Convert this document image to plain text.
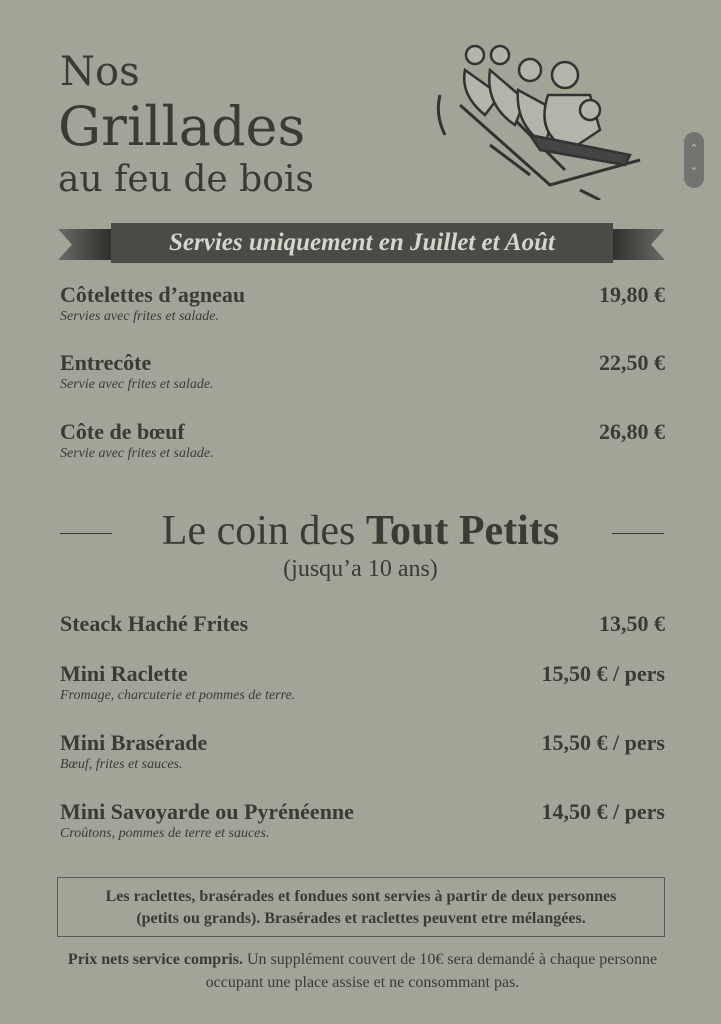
Nos
Grillades
au feu de bois
⌃
⌄
Servies uniquement en Juillet et Août
Côtelettes d’agneau
Servies avec frites et salade.
19,80 €
Entrecôte
Servie avec frites et salade.
22,50 €
Côte de bœuf
Servie avec frites et salade.
26,80 €
Le coin des Tout Petits
(jusqu’a 10 ans)
Steack Haché Frites	13,50 €
Mini Raclette
Fromage, charcuterie et pommes de terre.
15,50 € / pers
Mini Brasérade
Bœuf, frites et sauces.
15,50 € / pers
Mini Savoyarde ou Pyrénéenne
Croûtons, pommes de terre et sauces.
14,50 € / pers
Les raclettes, brasérades et fondues sont servies à partir de deux personnes
(petits ou grands). Brasérades et raclettes peuvent etre mélangées.
Prix nets service compris. Un supplément couvert de 10€ sera demandé à chaque personne occupant une place assise et ne consommant pas.
